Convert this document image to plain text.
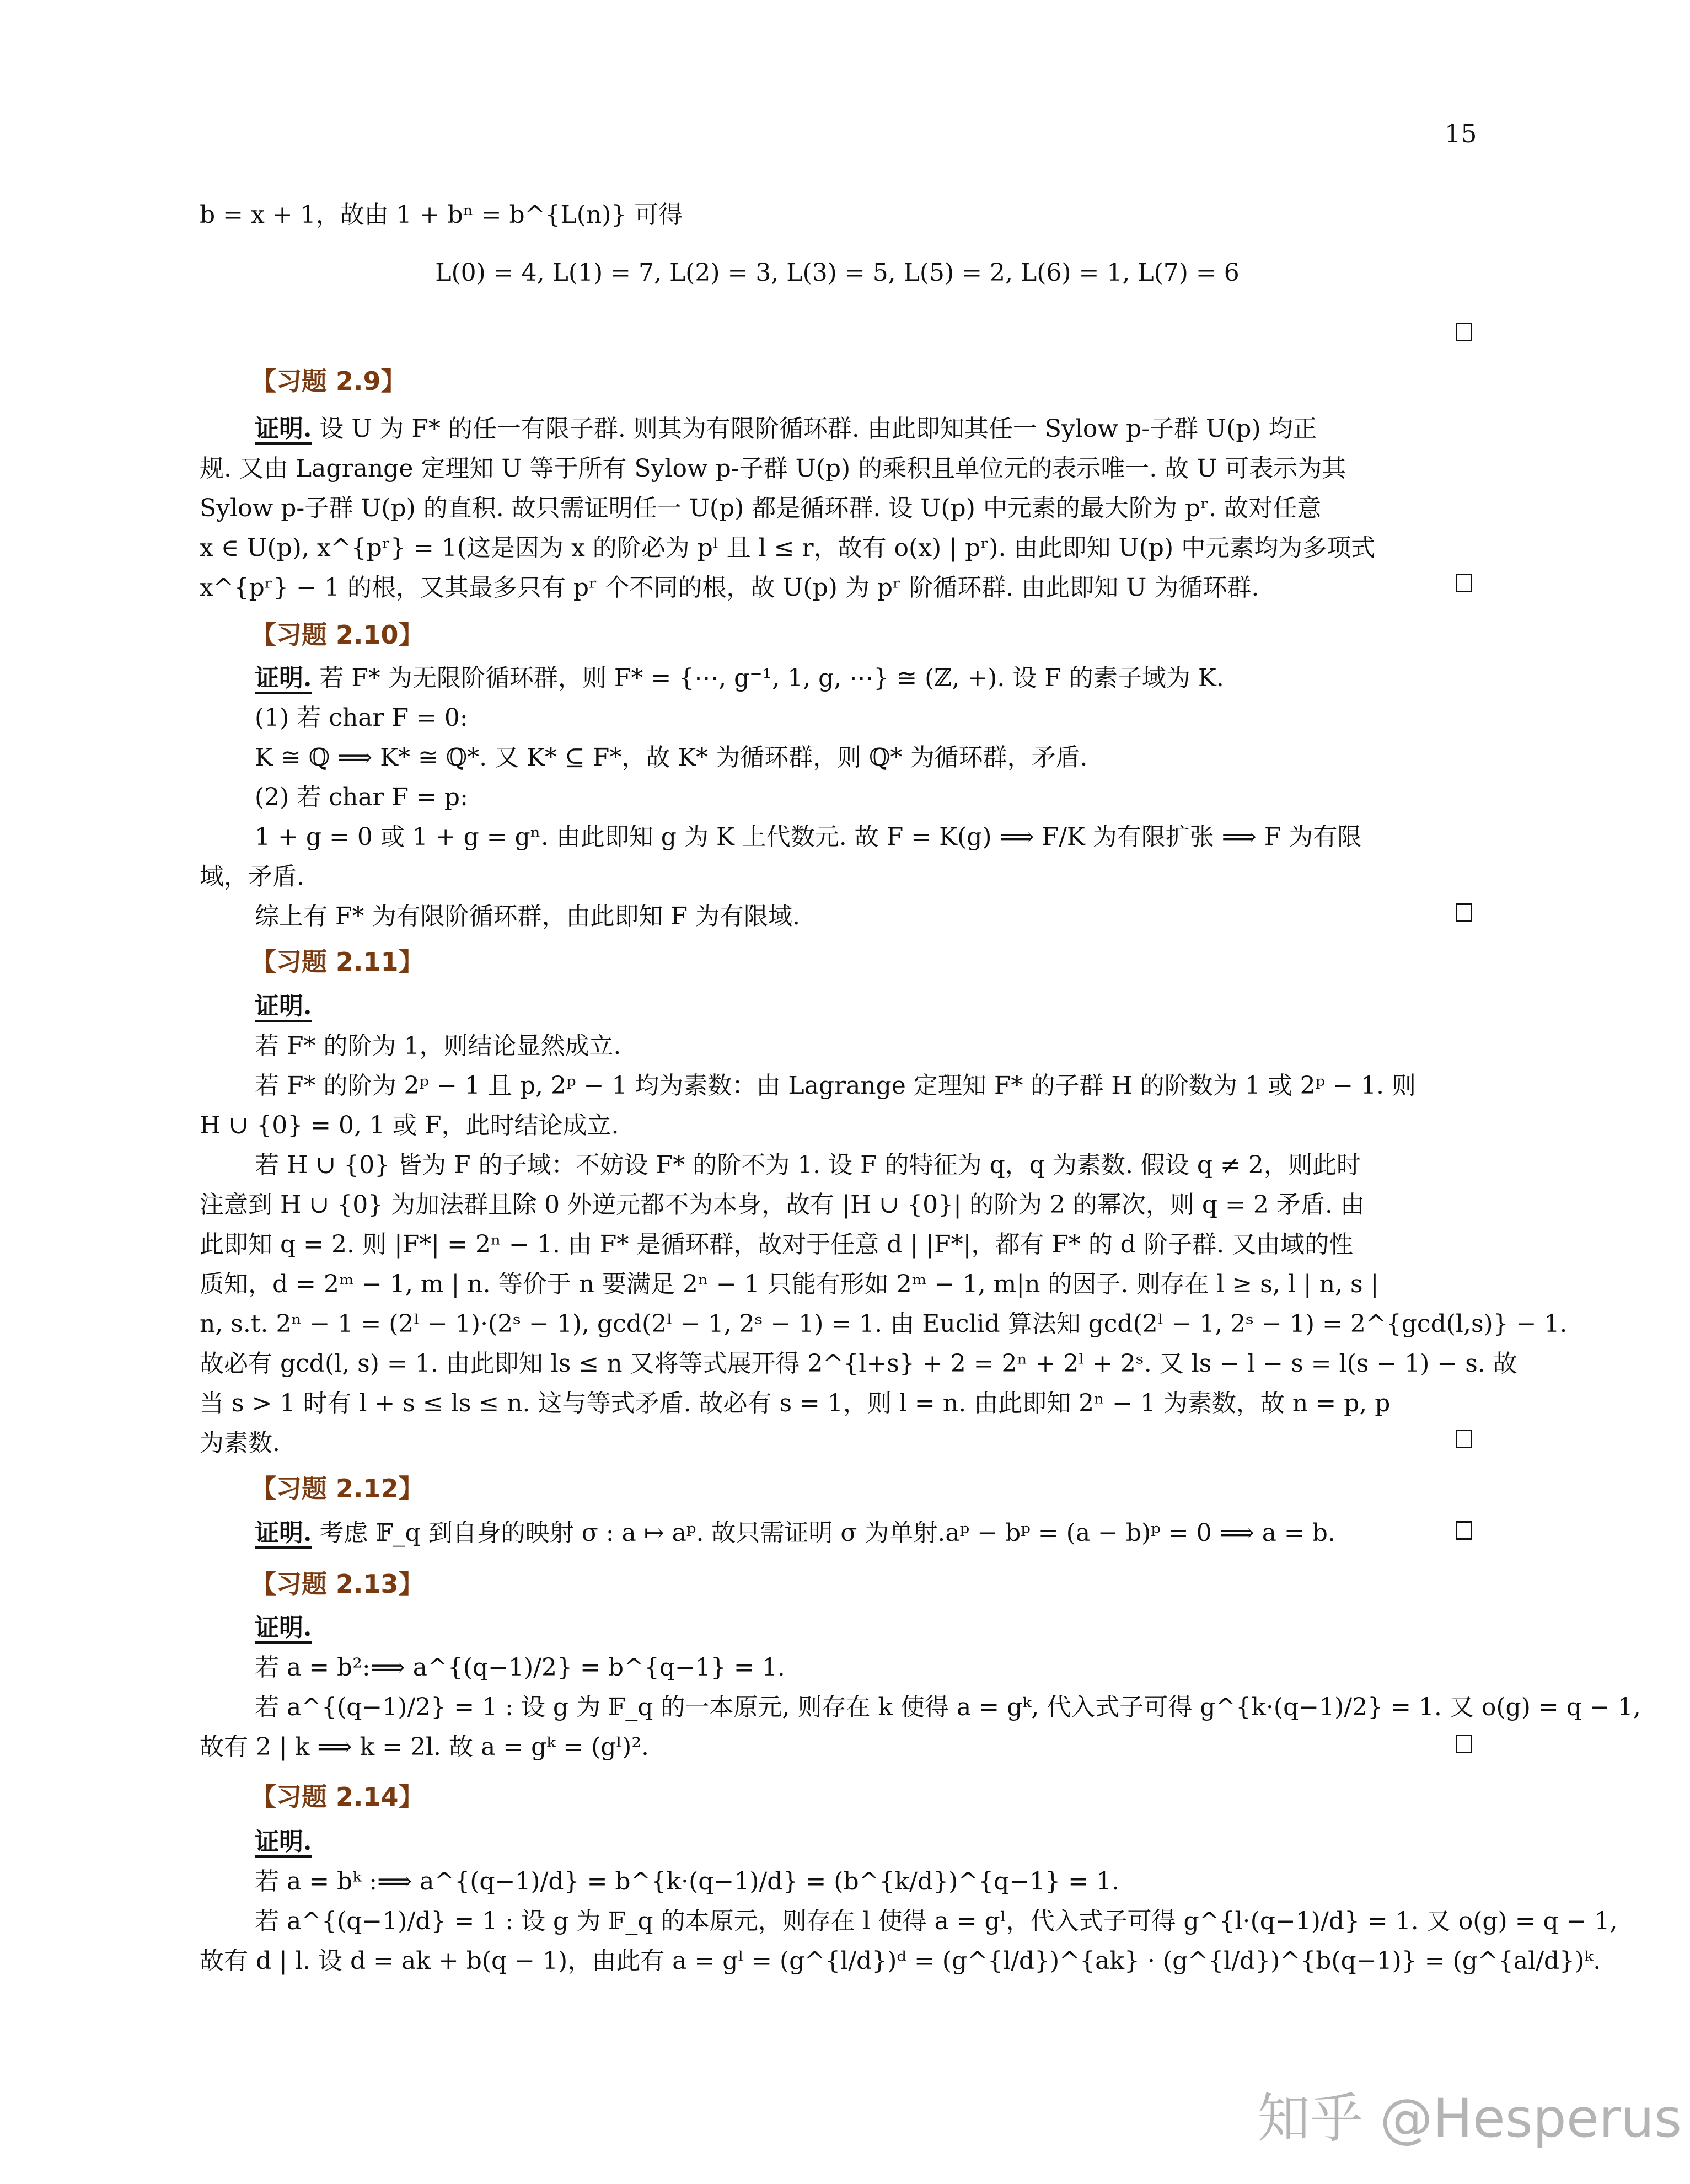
15
b = x + 1，故由 1 + bⁿ = b^{L(n)} 可得
L(0) = 4, L(1) = 7, L(2) = 3, L(3) = 5, L(5) = 2, L(6) = 1, L(7) = 6
【习题 2.9】
证明. 设 U 为 F* 的任一有限子群. 则其为有限阶循环群. 由此即知其任一 Sylow p-子群 U(p) 均正
规. 又由 Lagrange 定理知 U 等于所有 Sylow p-子群 U(p) 的乘积且单位元的表示唯一. 故 U 可表示为其
Sylow p-子群 U(p) 的直积. 故只需证明任一 U(p) 都是循环群. 设 U(p) 中元素的最大阶为 pʳ. 故对任意
x ∈ U(p), x^{pʳ} = 1(这是因为 x 的阶必为 pˡ 且 l ≤ r，故有 o(x) | pʳ). 由此即知 U(p) 中元素均为多项式
x^{pʳ} − 1 的根，又其最多只有 pʳ 个不同的根，故 U(p) 为 pʳ 阶循环群. 由此即知 U 为循环群.
【习题 2.10】
证明. 若 F* 为无限阶循环群，则 F* = {⋯, g⁻¹, 1, g, ⋯} ≅ (ℤ, +). 设 F 的素子域为 K.
(1) 若 char F = 0:
K ≅ ℚ ⟹ K* ≅ ℚ*. 又 K* ⊆ F*，故 K* 为循环群，则 ℚ* 为循环群，矛盾.
(2) 若 char F = p:
1 + g = 0 或 1 + g = gⁿ. 由此即知 g 为 K 上代数元. 故 F = K(g) ⟹ F/K 为有限扩张 ⟹ F 为有限
域，矛盾.
综上有 F* 为有限阶循环群，由此即知 F 为有限域.
【习题 2.11】
证明.
若 F* 的阶为 1，则结论显然成立.
若 F* 的阶为 2ᵖ − 1 且 p, 2ᵖ − 1 均为素数：由 Lagrange 定理知 F* 的子群 H 的阶数为 1 或 2ᵖ − 1. 则
H ∪ {0} = 0, 1 或 F，此时结论成立.
若 H ∪ {0} 皆为 F 的子域：不妨设 F* 的阶不为 1. 设 F 的特征为 q，q 为素数. 假设 q ≠ 2，则此时
注意到 H ∪ {0} 为加法群且除 0 外逆元都不为本身，故有 |H ∪ {0}| 的阶为 2 的幂次，则 q = 2 矛盾. 由
此即知 q = 2. 则 |F*| = 2ⁿ − 1. 由 F* 是循环群，故对于任意 d | |F*|，都有 F* 的 d 阶子群. 又由域的性
质知，d = 2ᵐ − 1, m | n. 等价于 n 要满足 2ⁿ − 1 只能有形如 2ᵐ − 1, m|n 的因子. 则存在 l ≥ s, l | n, s |
n, s.t. 2ⁿ − 1 = (2ˡ − 1)·(2ˢ − 1), gcd(2ˡ − 1, 2ˢ − 1) = 1. 由 Euclid 算法知 gcd(2ˡ − 1, 2ˢ − 1) = 2^{gcd(l,s)} − 1.
故必有 gcd(l, s) = 1. 由此即知 ls ≤ n 又将等式展开得 2^{l+s} + 2 = 2ⁿ + 2ˡ + 2ˢ. 又 ls − l − s = l(s − 1) − s. 故
当 s > 1 时有 l + s ≤ ls ≤ n. 这与等式矛盾. 故必有 s = 1，则 l = n. 由此即知 2ⁿ − 1 为素数，故 n = p, p
为素数.
【习题 2.12】
证明. 考虑 𝔽_q 到自身的映射 σ : a ↦ aᵖ. 故只需证明 σ 为单射.aᵖ − bᵖ = (a − b)ᵖ = 0 ⟹ a = b.
【习题 2.13】
证明.
若 a = b²:⟹ a^{(q−1)/2} = b^{q−1} = 1.
若 a^{(q−1)/2} = 1 : 设 g 为 𝔽_q 的一本原元, 则存在 k 使得 a = gᵏ, 代入式子可得 g^{k·(q−1)/2} = 1. 又 o(g) = q − 1,
故有 2 | k ⟹ k = 2l. 故 a = gᵏ = (gˡ)².
【习题 2.14】
证明.
若 a = bᵏ :⟹ a^{(q−1)/d} = b^{k·(q−1)/d} = (b^{k/d})^{q−1} = 1.
若 a^{(q−1)/d} = 1 : 设 g 为 𝔽_q 的本原元，则存在 l 使得 a = gˡ，代入式子可得 g^{l·(q−1)/d} = 1. 又 o(g) = q − 1,
故有 d | l. 设 d = ak + b(q − 1)，由此有 a = gˡ = (g^{l/d})ᵈ = (g^{l/d})^{ak} · (g^{l/d})^{b(q−1)} = (g^{al/d})ᵏ.
知乎 @Hesperus
